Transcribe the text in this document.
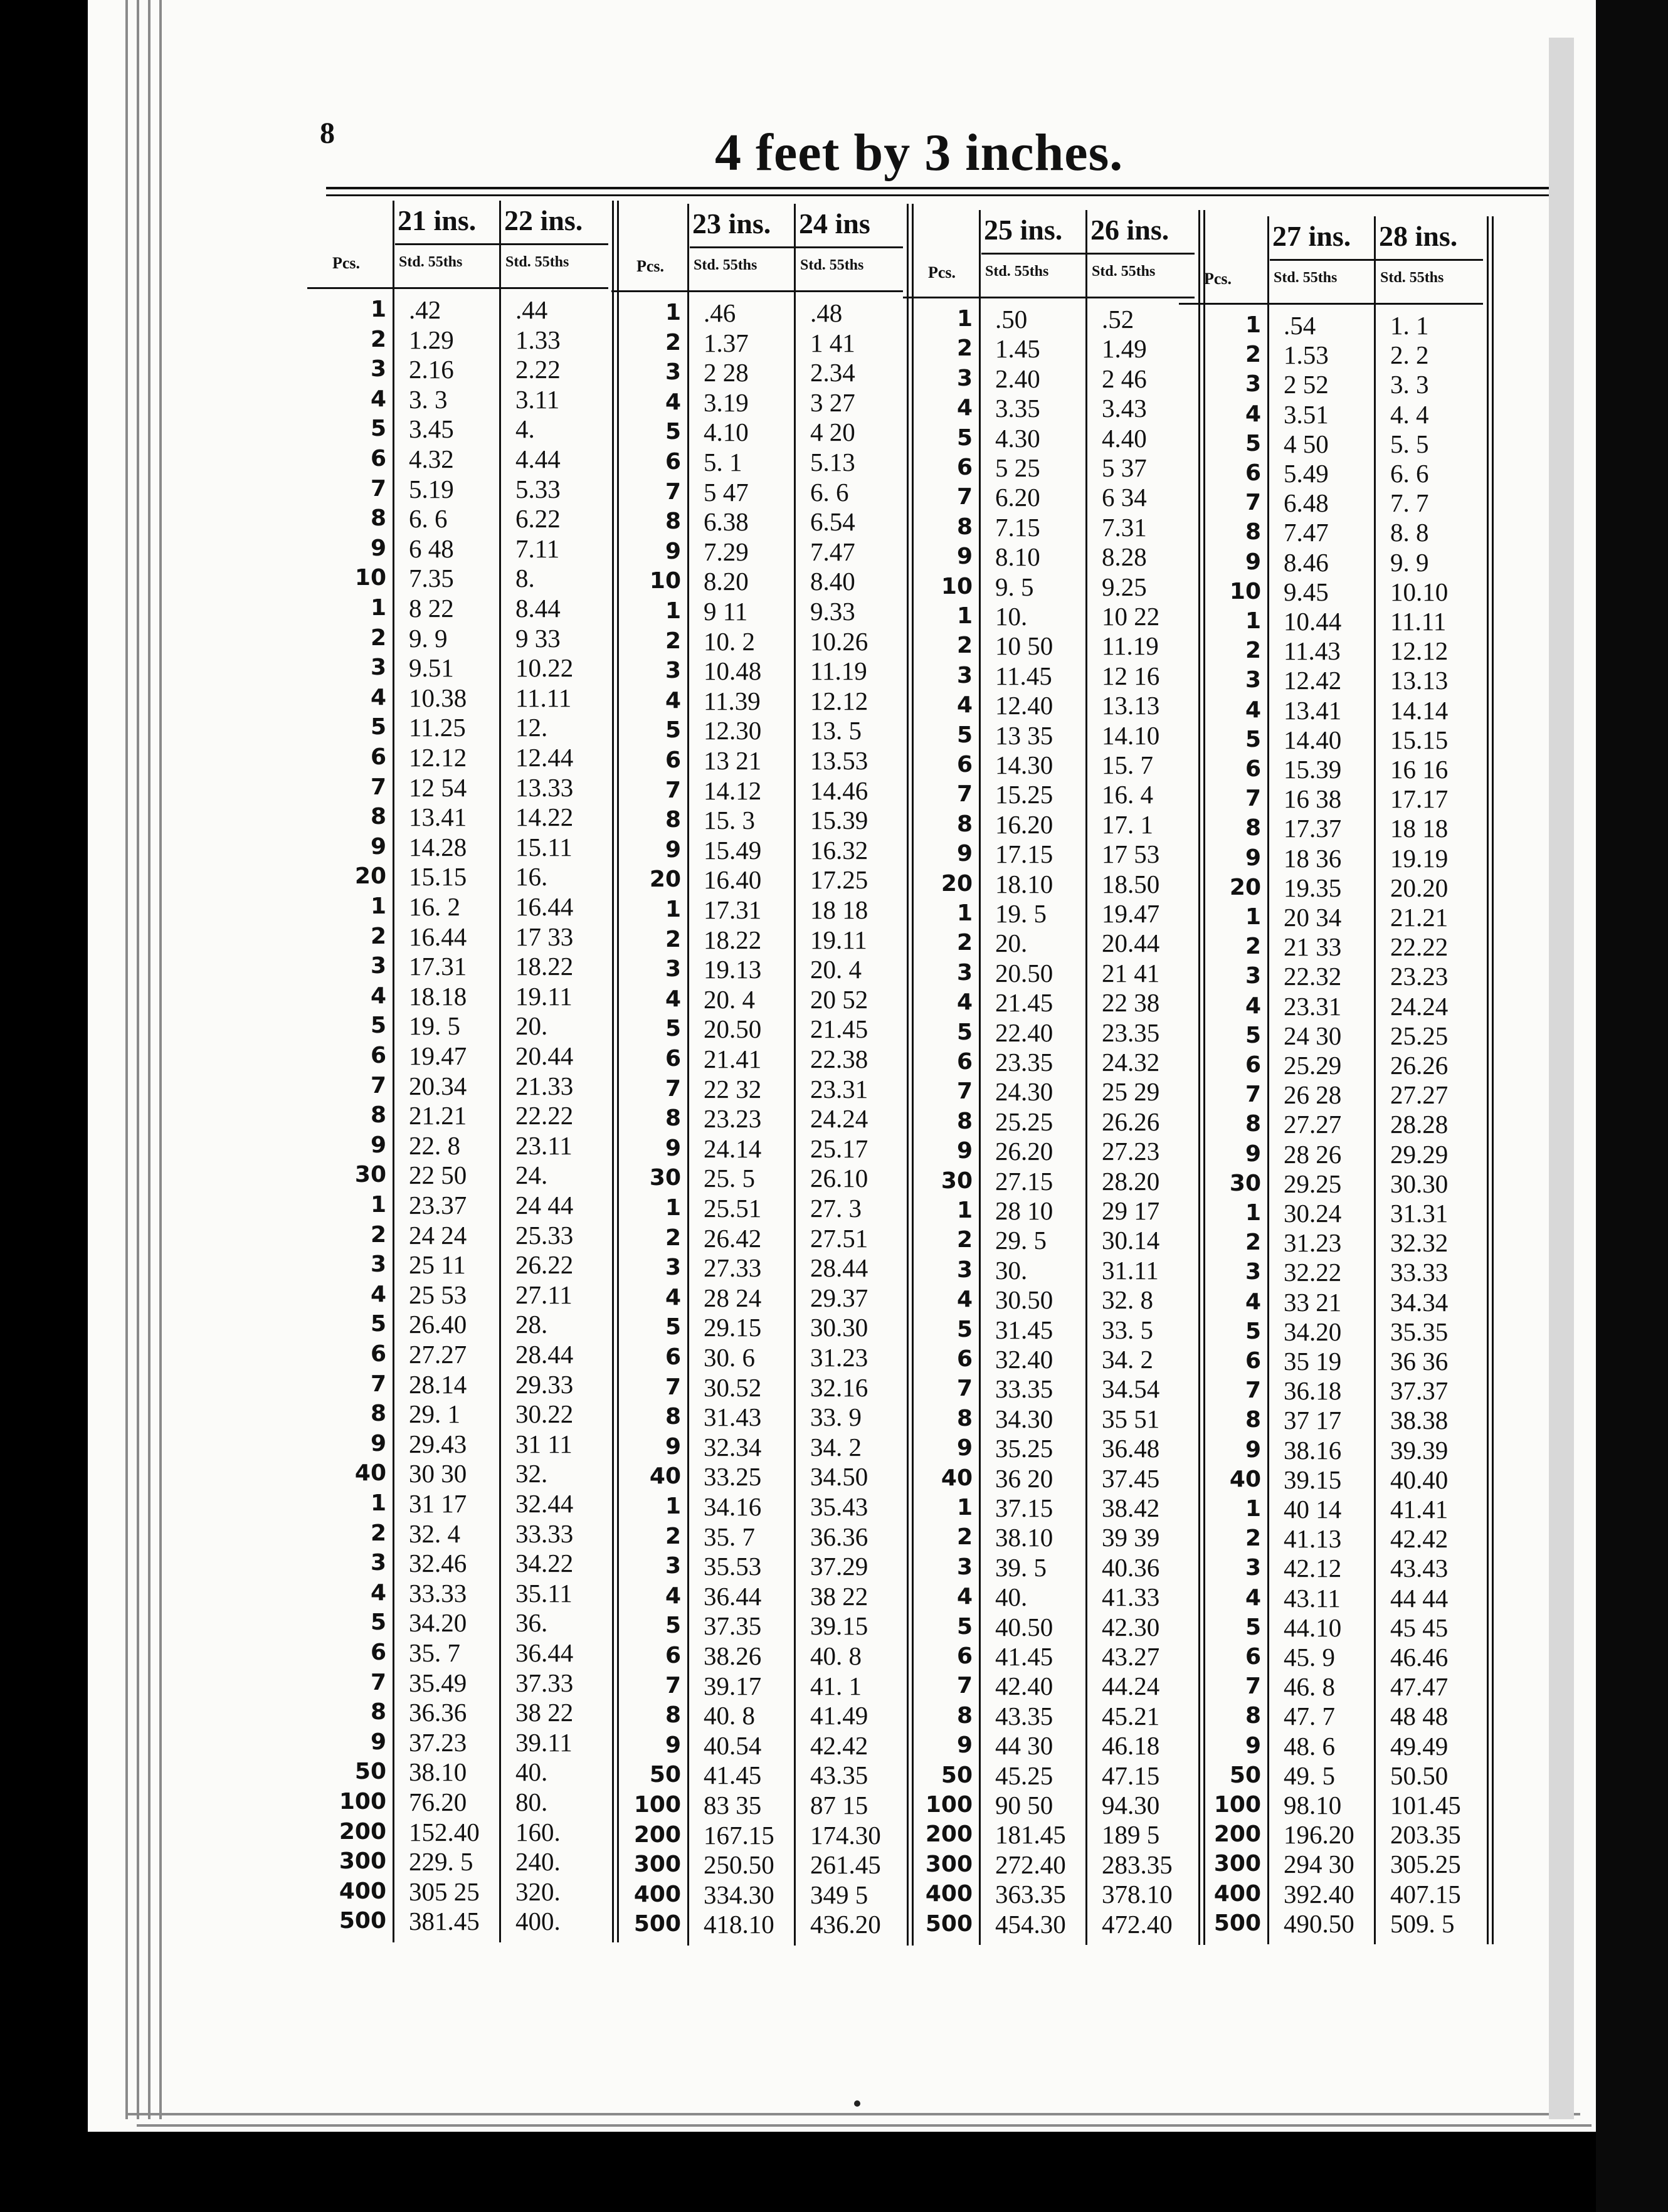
8	4 feet by 3 inches.
Pcs.
1
2
3
4
5
6
7
8
9
10
1
2
3
4
5
6
7
8
9
20
1
2
3
4
5
6
7
8
9
30
1
2
3
4
5
6
7
8
9
40
1
2
3
4
5
6
7
8
9
50
100
200
300
400
500
21 ins.
Std. 55ths
.42
1.29
2.16
3. 3
3.45
4.32
5.19
6. 6
6 48
7.35
8 22
9. 9
9.51
10.38
11.25
12.12
12 54
13.41
14.28
15.15
16. 2
16.44
17.31
18.18
19. 5
19.47
20.34
21.21
22. 8
22 50
23.37
24 24
25 11
25 53
26.40
27.27
28.14
29. 1
29.43
30 30
31 17
32. 4
32.46
33.33
34.20
35. 7
35.49
36.36
37.23
38.10
76.20
152.40
229. 5
305 25
381.45
22 ins.
Std. 55ths
.44
1.33
2.22
3.11
4.
4.44
5.33
6.22
7.11
8.
8.44
9 33
10.22
11.11
12.
12.44
13.33
14.22
15.11
16.
16.44
17 33
18.22
19.11
20.
20.44
21.33
22.22
23.11
24.
24 44
25.33
26.22
27.11
28.
28.44
29.33
30.22
31 11
32.
32.44
33.33
34.22
35.11
36.
36.44
37.33
38 22
39.11
40.
80.
160.
240.
320.
400.
Pcs.
1
2
3
4
5
6
7
8
9
10
1
2
3
4
5
6
7
8
9
20
1
2
3
4
5
6
7
8
9
30
1
2
3
4
5
6
7
8
9
40
1
2
3
4
5
6
7
8
9
50
100
200
300
400
500
23 ins.
Std. 55ths
.46
1.37
2 28
3.19
4.10
5. 1
5 47
6.38
7.29
8.20
9 11
10. 2
10.48
11.39
12.30
13 21
14.12
15. 3
15.49
16.40
17.31
18.22
19.13
20. 4
20.50
21.41
22 32
23.23
24.14
25. 5
25.51
26.42
27.33
28 24
29.15
30. 6
30.52
31.43
32.34
33.25
34.16
35. 7
35.53
36.44
37.35
38.26
39.17
40. 8
40.54
41.45
83 35
167.15
250.50
334.30
418.10
24 ins
Std. 55ths
.48
1 41
2.34
3 27
4 20
5.13
6. 6
6.54
7.47
8.40
9.33
10.26
11.19
12.12
13. 5
13.53
14.46
15.39
16.32
17.25
18 18
19.11
20. 4
20 52
21.45
22.38
23.31
24.24
25.17
26.10
27. 3
27.51
28.44
29.37
30.30
31.23
32.16
33. 9
34. 2
34.50
35.43
36.36
37.29
38 22
39.15
40. 8
41. 1
41.49
42.42
43.35
87 15
174.30
261.45
349 5
436.20
Pcs.
1
2
3
4
5
6
7
8
9
10
1
2
3
4
5
6
7
8
9
20
1
2
3
4
5
6
7
8
9
30
1
2
3
4
5
6
7
8
9
40
1
2
3
4
5
6
7
8
9
50
100
200
300
400
500
25 ins.
Std. 55ths
.50
1.45
2.40
3.35
4.30
5 25
6.20
7.15
8.10
9. 5
10.
10 50
11.45
12.40
13 35
14.30
15.25
16.20
17.15
18.10
19. 5
20.
20.50
21.45
22.40
23.35
24.30
25.25
26.20
27.15
28 10
29. 5
30.
30.50
31.45
32.40
33.35
34.30
35.25
36 20
37.15
38.10
39. 5
40.
40.50
41.45
42.40
43.35
44 30
45.25
90 50
181.45
272.40
363.35
454.30
26 ins.
Std. 55ths
.52
1.49
2 46
3.43
4.40
5 37
6 34
7.31
8.28
9.25
10 22
11.19
12 16
13.13
14.10
15. 7
16. 4
17. 1
17 53
18.50
19.47
20.44
21 41
22 38
23.35
24.32
25 29
26.26
27.23
28.20
29 17
30.14
31.11
32. 8
33. 5
34. 2
34.54
35 51
36.48
37.45
38.42
39 39
40.36
41.33
42.30
43.27
44.24
45.21
46.18
47.15
94.30
189 5
283.35
378.10
472.40
Pcs.
1
2
3
4
5
6
7
8
9
10
1
2
3
4
5
6
7
8
9
20
1
2
3
4
5
6
7
8
9
30
1
2
3
4
5
6
7
8
9
40
1
2
3
4
5
6
7
8
9
50
100
200
300
400
500
27 ins.
Std. 55ths
.54
1.53
2 52
3.51
4 50
5.49
6.48
7.47
8.46
9.45
10.44
11.43
12.42
13.41
14.40
15.39
16 38
17.37
18 36
19.35
20 34
21 33
22.32
23.31
24 30
25.29
26 28
27.27
28 26
29.25
30.24
31.23
32.22
33 21
34.20
35 19
36.18
37 17
38.16
39.15
40 14
41.13
42.12
43.11
44.10
45. 9
46. 8
47. 7
48. 6
49. 5
98.10
196.20
294 30
392.40
490.50
28 ins.
Std. 55ths
1. 1
2. 2
3. 3
4. 4
5. 5
6. 6
7. 7
8. 8
9. 9
10.10
11.11
12.12
13.13
14.14
15.15
16 16
17.17
18 18
19.19
20.20
21.21
22.22
23.23
24.24
25.25
26.26
27.27
28.28
29.29
30.30
31.31
32.32
33.33
34.34
35.35
36 36
37.37
38.38
39.39
40.40
41.41
42.42
43.43
44 44
45 45
46.46
47.47
48 48
49.49
50.50
101.45
203.35
305.25
407.15
509. 5
